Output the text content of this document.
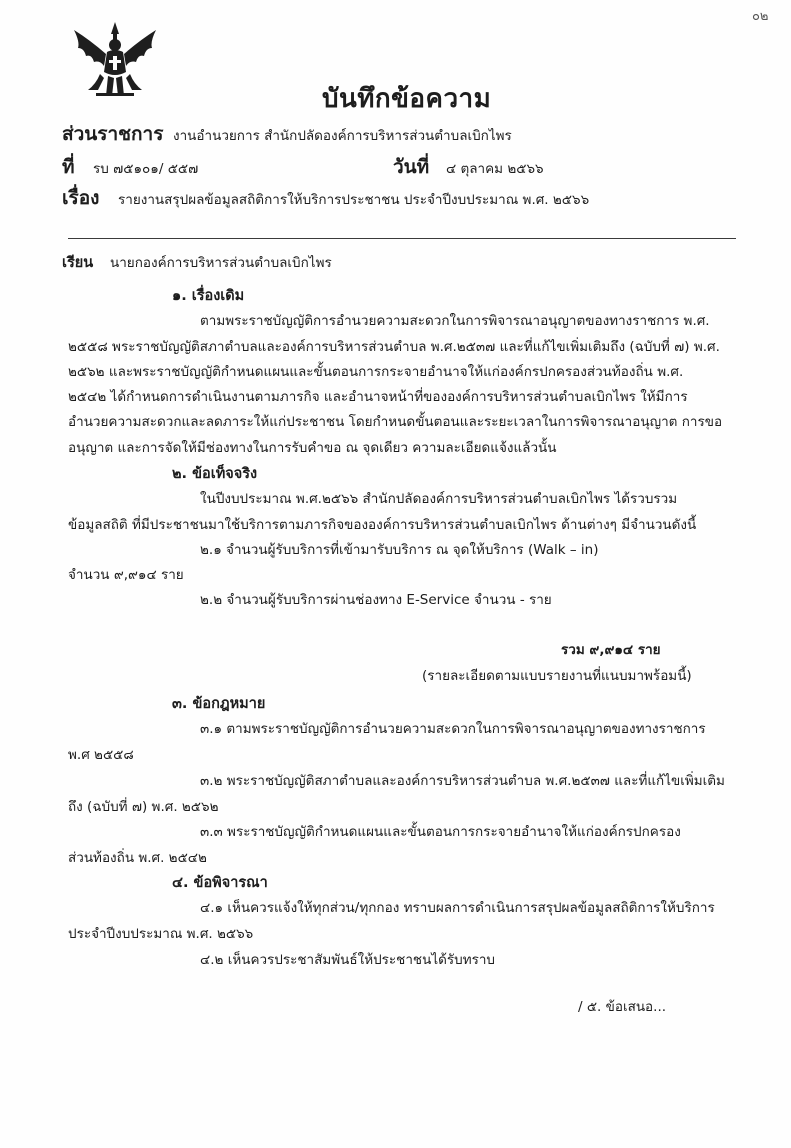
๐๒
บันทึกข้อความ
ส่วนราชการ งานอำนวยการ สำนักปลัดองค์การบริหารส่วนตำบลเบิกไพร
ที่ รบ ๗๕๑๐๑/ ๕๕๗	วันที่ ๔ ตุลาคม ๒๕๖๖
เรื่อง รายงานสรุปผลข้อมูลสถิติการให้บริการประชาชน ประจำปีงบประมาณ พ.ศ. ๒๕๖๖
เรียน นายกองค์การบริหารส่วนตำบลเบิกไพร
๑. เรื่องเดิม
ตามพระราชบัญญัติการอำนวยความสะดวกในการพิจารณาอนุญาตของทางราชการ พ.ศ.
๒๕๕๘ พระราชบัญญัติสภาตำบลและองค์การบริหารส่วนตำบล พ.ศ.๒๕๓๗ และที่แก้ไขเพิ่มเติมถึง (ฉบับที่ ๗) พ.ศ.
๒๕๖๒ และพระราชบัญญัติกำหนดแผนและขั้นตอนการกระจายอำนาจให้แก่องค์กรปกครองส่วนท้องถิ่น พ.ศ.
๒๕๔๒ ได้กำหนดการดำเนินงานตามภารกิจ และอำนาจหน้าที่ขององค์การบริหารส่วนตำบลเบิกไพร ให้มีการ
อำนวยความสะดวกและลดภาระให้แก่ประชาชน โดยกำหนดขั้นตอนและระยะเวลาในการพิจารณาอนุญาต การขอ
อนุญาต และการจัดให้มีช่องทางในการรับคำขอ ณ จุดเดียว ความละเอียดแจ้งแล้วนั้น
๒. ข้อเท็จจริง
ในปีงบประมาณ พ.ศ.๒๕๖๖ สำนักปลัดองค์การบริหารส่วนตำบลเบิกไพร ได้รวบรวม
ข้อมูลสถิติ ที่มีประชาชนมาใช้บริการตามภารกิจขององค์การบริหารส่วนตำบลเบิกไพร ด้านต่างๆ มีจำนวนดังนี้
๒.๑ จำนวนผู้รับบริการที่เข้ามารับบริการ ณ จุดให้บริการ (Walk – in)
จำนวน ๙,๙๑๔ ราย
๒.๒ จำนวนผู้รับบริการผ่านช่องทาง E-Service จำนวน - ราย
รวม ๙,๙๑๔ ราย
(รายละเอียดตามแบบรายงานที่แนบมาพร้อมนี้)
๓. ข้อกฎหมาย
๓.๑ ตามพระราชบัญญัติการอำนวยความสะดวกในการพิจารณาอนุญาตของทางราชการ
พ.ศ ๒๕๕๘
๓.๒ พระราชบัญญัติสภาตำบลและองค์การบริหารส่วนตำบล พ.ศ.๒๕๓๗ และที่แก้ไขเพิ่มเติม
ถึง (ฉบับที่ ๗) พ.ศ. ๒๕๖๒
๓.๓ พระราชบัญญัติกำหนดแผนและขั้นตอนการกระจายอำนาจให้แก่องค์กรปกครอง
ส่วนท้องถิ่น พ.ศ. ๒๕๔๒
๔. ข้อพิจารณา
๔.๑ เห็นควรแจ้งให้ทุกส่วน/ทุกกอง ทราบผลการดำเนินการสรุปผลข้อมูลสถิติการให้บริการ
ประจำปีงบประมาณ พ.ศ. ๒๕๖๖
๔.๒ เห็นควรประชาสัมพันธ์ให้ประชาชนได้รับทราบ
/ ๕. ข้อเสนอ...
